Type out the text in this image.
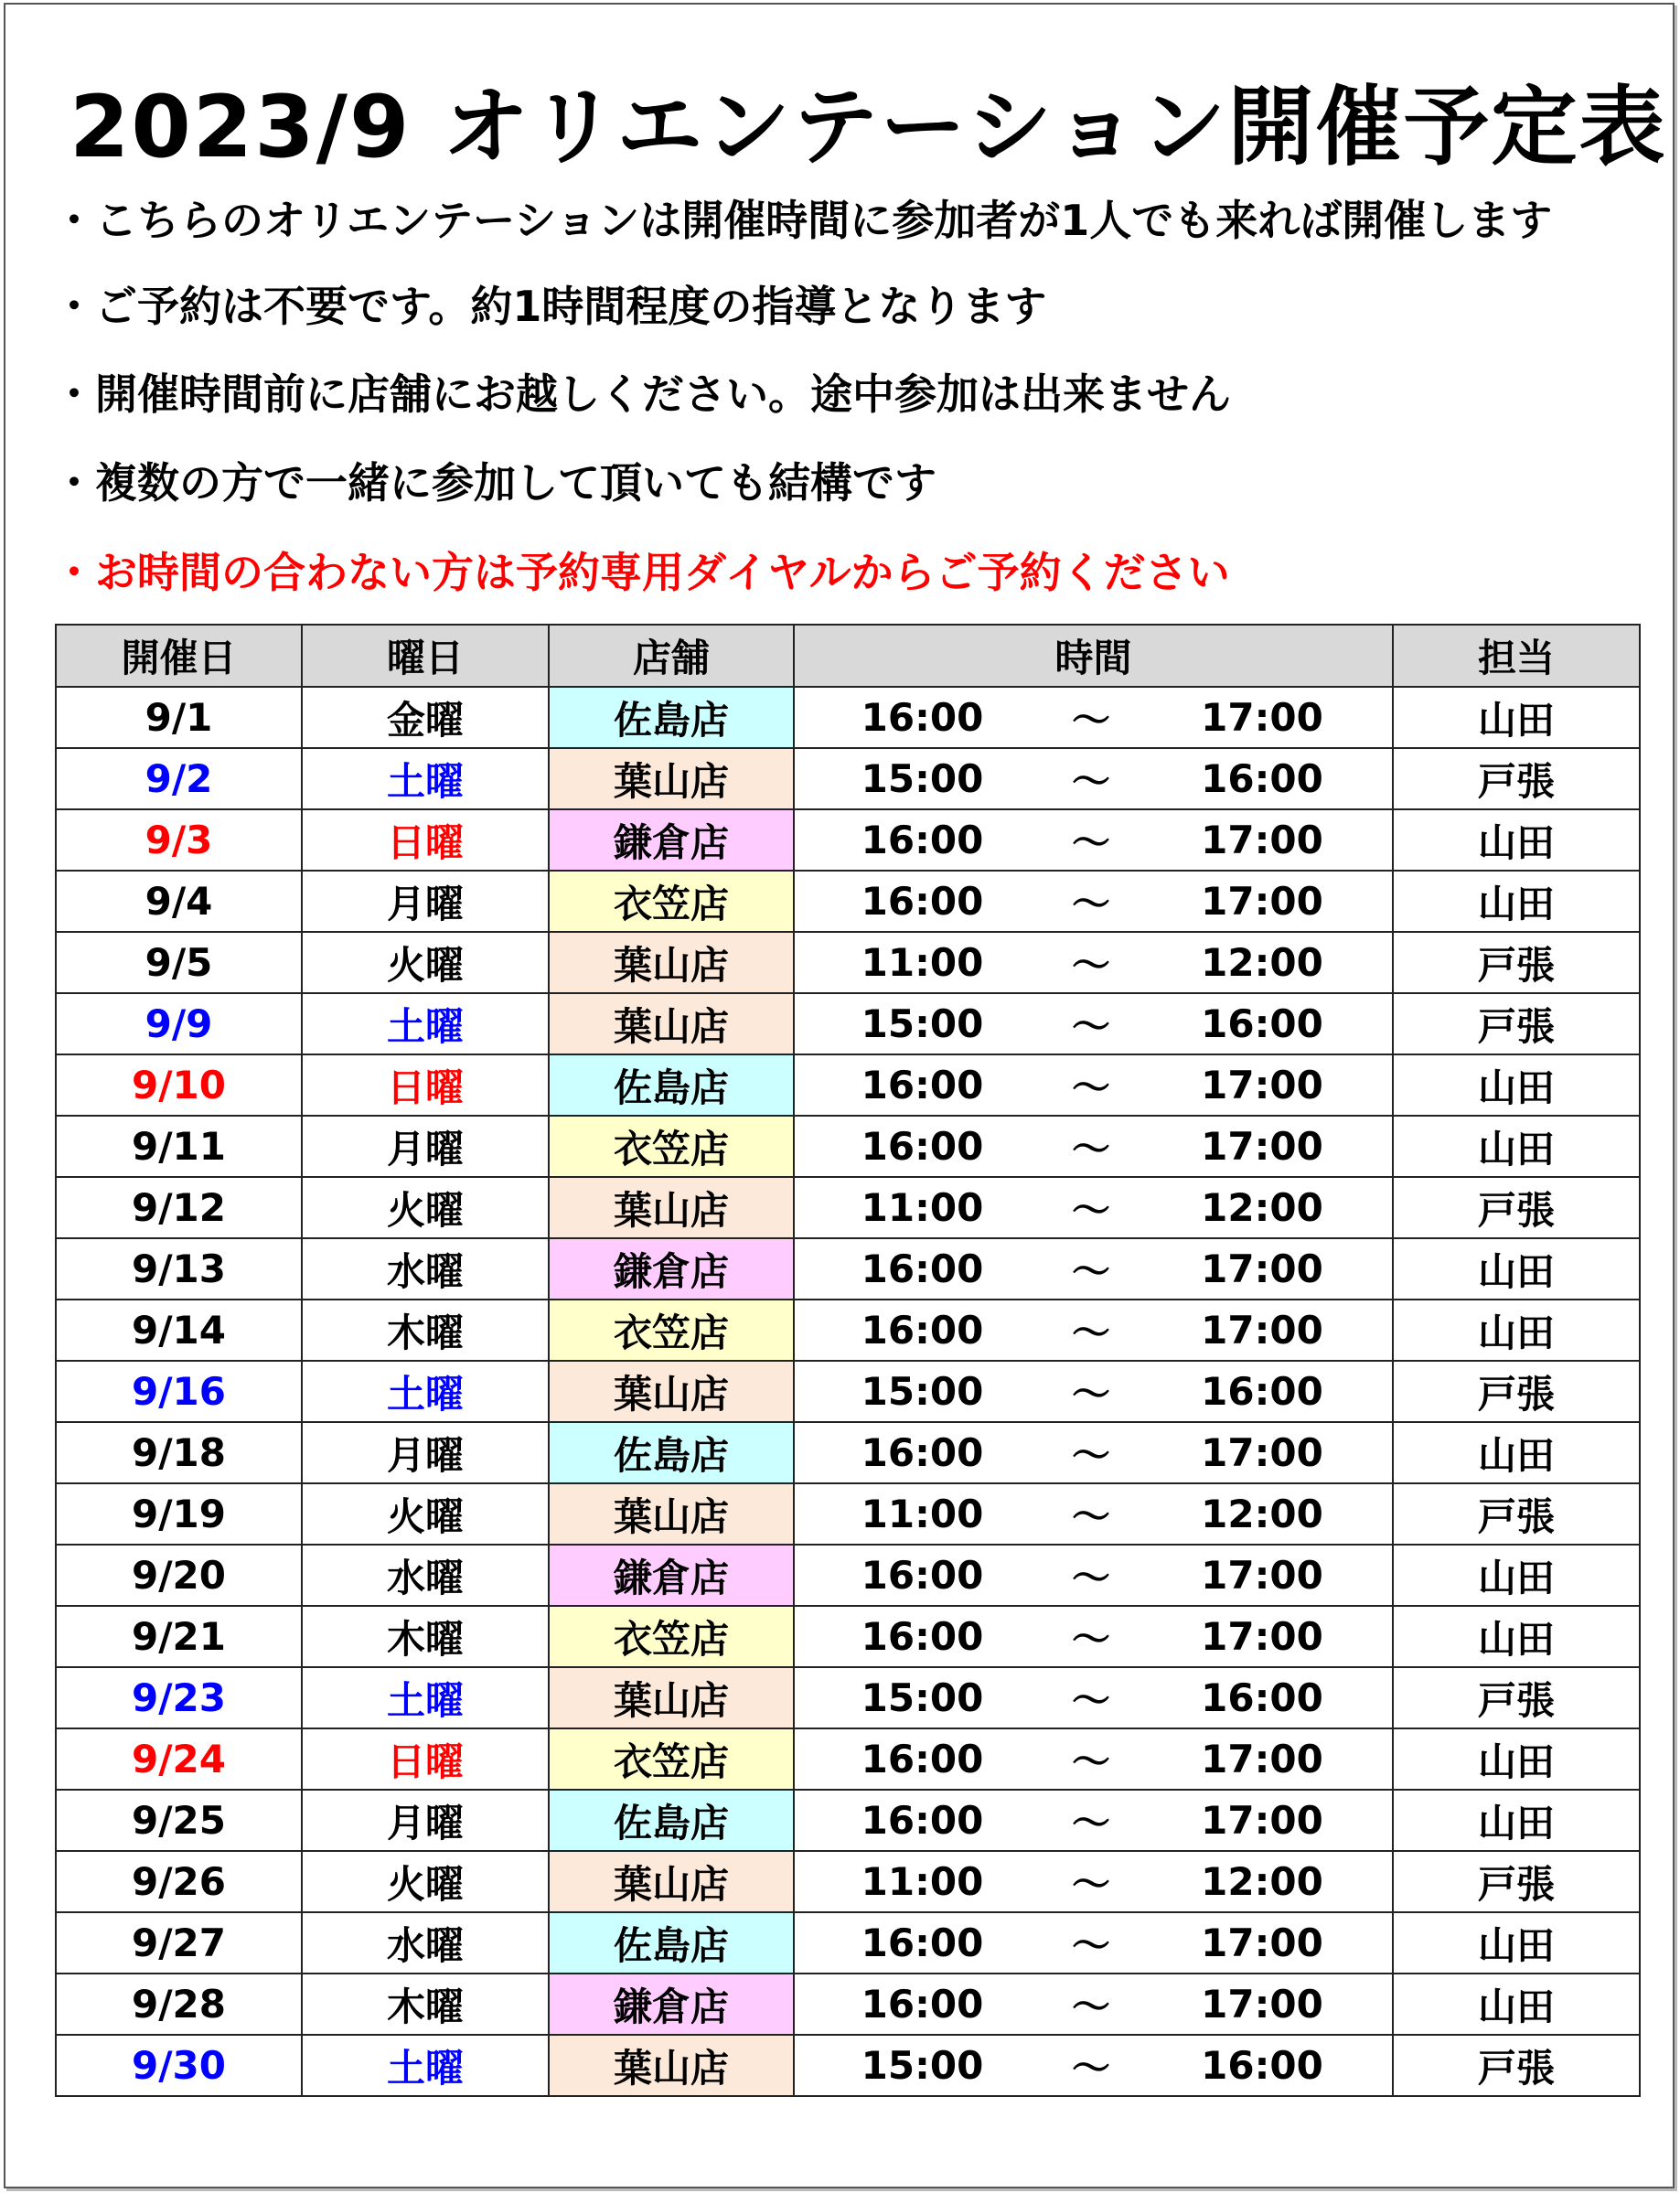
2023/9 オリエンテーション開催予定表
・こちらのオリエンテーションは開催時間に参加者が1人でも来れば開催します
・ご予約は不要です。約1時間程度の指導となります
・開催時間前に店舗にお越しください。途中参加は出来ません
・複数の方で一緒に参加して頂いても結構です
・お時間の合わない方は予約専用ダイヤルからご予約ください
開催日	曜日	店舗	時間			担当
9/1	金曜	佐島店	16:00	～	17:00	山田
9/2	土曜	葉山店	15:00	～	16:00	戸張
9/3	日曜	鎌倉店	16:00	～	17:00	山田
9/4	月曜	衣笠店	16:00	～	17:00	山田
9/5	火曜	葉山店	11:00	～	12:00	戸張
9/9	土曜	葉山店	15:00	～	16:00	戸張
9/10	日曜	佐島店	16:00	～	17:00	山田
9/11	月曜	衣笠店	16:00	～	17:00	山田
9/12	火曜	葉山店	11:00	～	12:00	戸張
9/13	水曜	鎌倉店	16:00	～	17:00	山田
9/14	木曜	衣笠店	16:00	～	17:00	山田
9/16	土曜	葉山店	15:00	～	16:00	戸張
9/18	月曜	佐島店	16:00	～	17:00	山田
9/19	火曜	葉山店	11:00	～	12:00	戸張
9/20	水曜	鎌倉店	16:00	～	17:00	山田
9/21	木曜	衣笠店	16:00	～	17:00	山田
9/23	土曜	葉山店	15:00	～	16:00	戸張
9/24	日曜	衣笠店	16:00	～	17:00	山田
9/25	月曜	佐島店	16:00	～	17:00	山田
9/26	火曜	葉山店	11:00	～	12:00	戸張
9/27	水曜	佐島店	16:00	～	17:00	山田
9/28	木曜	鎌倉店	16:00	～	17:00	山田
9/30	土曜	葉山店	15:00	～	16:00	戸張
